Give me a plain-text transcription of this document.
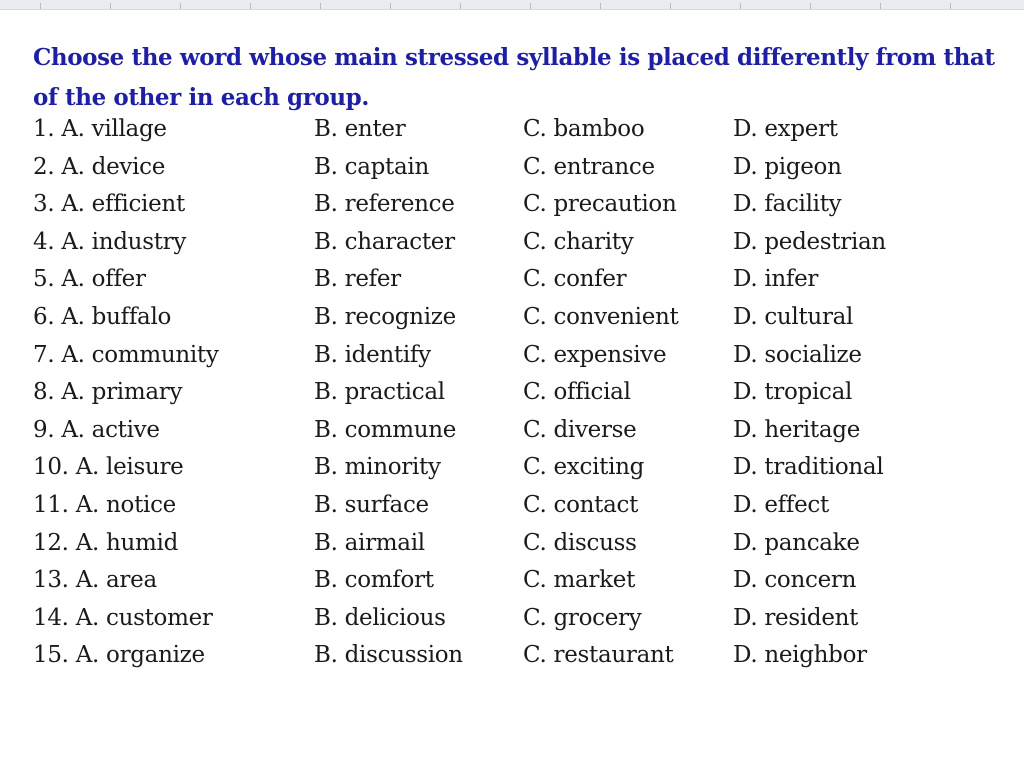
Choose the word whose main stressed syllable is placed differently from that of the other in each group.

1. A. village	B. enter	C. bamboo	D. expert
2. A. device	B. captain	C. entrance	D. pigeon
3. A. efficient	B. reference	C. precaution D. facility
4. A. industry	B. character	C. charity	D. pedestrian
5. A. offer	B. refer	C. confer	D. infer
6. A. buffalo	B. recognize	C. convenient D. cultural
7. A. community	B. identify	C. expensive	D. socialize
8. A. primary	B. practical	C. official	D. tropical
9. A. active	B. commune	C. diverse	D. heritage
10. A. leisure	B. minority	C. exciting	D. traditional
11. A. notice	B. surface	C. contact	D. effect
12. A. humid	B. airmail	C. discuss	D. pancake
13. A. area	B. comfort	C. market	D. concern
14. A. customer	B. delicious	C. grocery	D. resident
15. A. organize	B. discussion	C. restaurant	D. neighbor
